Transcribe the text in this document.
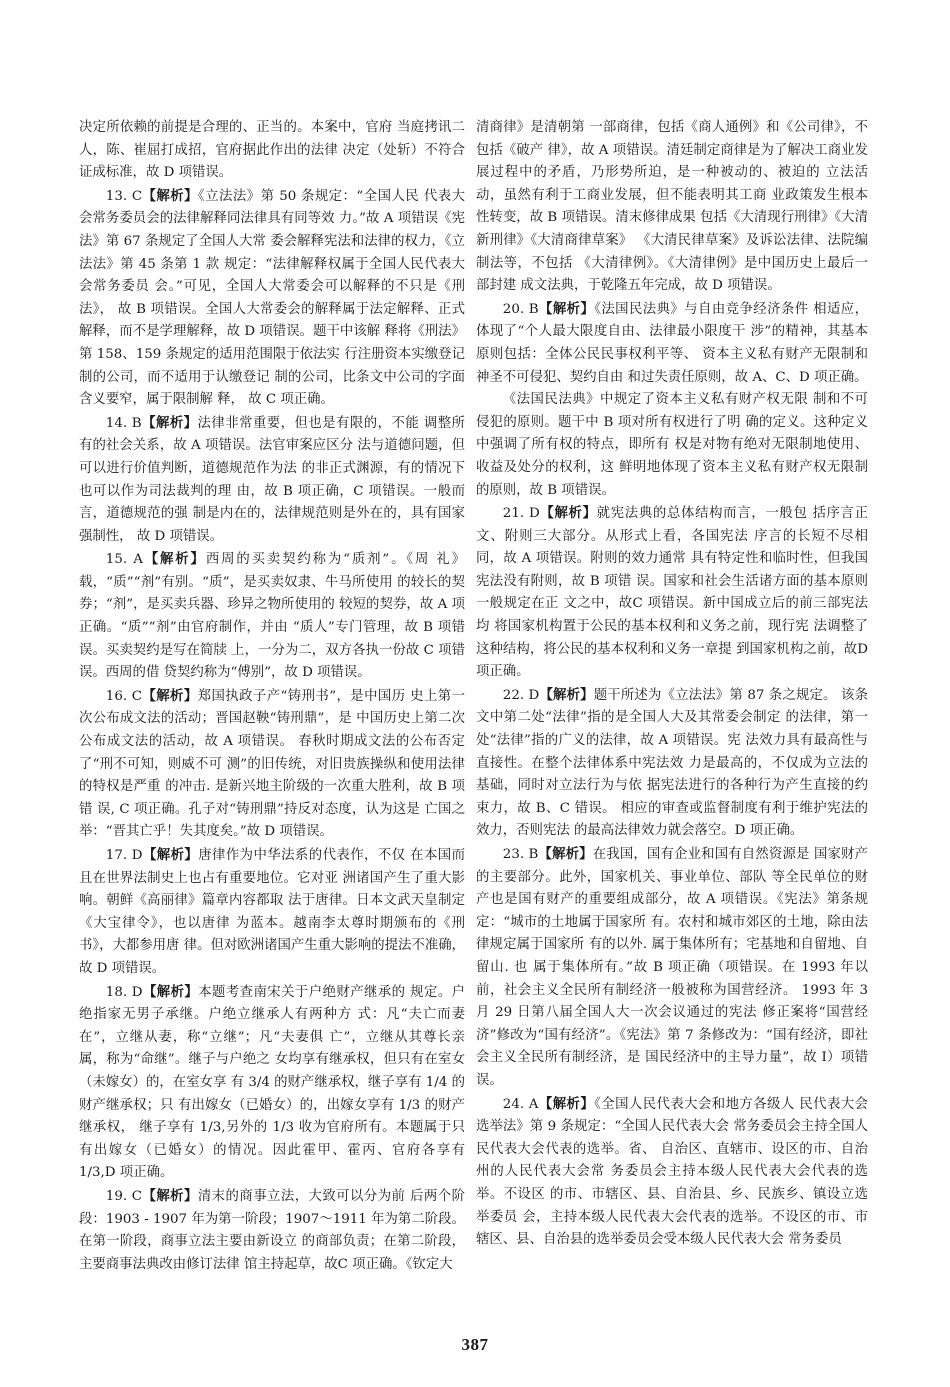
决定所依赖的前提是合理的、正当的。本案中，官府 当庭拷讯二人，陈、崔屈打成招，官府据此作出的法律 决定（处斩）不符合证成标准，故 D 项错误。

13. C【解析】《立法法》第 50 条规定：“全国人民 代表大会常务委员会的法律解释同法律具有同等效 力。”故 A 项错误《宪法》第 67 条规定了全国人大常 委会解释宪法和法律的权力，《立法法》第 45 条第 1 款 规定：“法律解释权属于全国人民代表大会常务委员 会。”可见，全国人大常委会可以解释的不只是《刑法》， 故 B 项错误。全国人大常委会的解释属于法定解释、正式解释，而不是学理解释，故 D 项错误。题干中该解 释将《刑法》第 158、159 条规定的适用范围限于依法实 行注册资本实缴登记制的公司，而不适用于认缴登记 制的公司，比条文中公司的字面含义要窄，属于限制解 释， 故 C 项正确。

14. B【解析】法律非常重要，但也是有限的，不能 调整所有的社会关系，故 A 项错误。法官审案应区分 法与道德问题，但可以进行价值判断，道德规范作为法 的非正式渊源，有的情况下也可以作为司法裁判的理 由，故 B 项正确，C 项错误。一般而言，道德规范的强 制是内在的，法律规范则是外在的，具有国家强制性， 故 D 项错误。

15. A【解析】西周的买卖契约称为“质剂”。《周 礼》载，“质”“剂”有别。“质”，是买卖奴隶、牛马所使用 的较长的契券；“剂”，是买卖兵器、珍异之物所使用的 较短的契券，故 A 项正确。“质”“剂”由官府制作，并由 “质人”专门管理，故 B 项错误。买卖契约是写在简牍 上，一分为二，双方各执一份故 C 项错误。西周的借 贷契约称为“傅别”，故 D 项错误。

16. C【解析】郑国执政子产“铸刑书”，是中国历 史上第一次公布成文法的活动；晋国赵鞅“铸刑鼎”，是 中国历史上第二次公布成文法的活动，故 A 项错误。 春秋时期成文法的公布否定了“刑不可知，则威不可 测”的旧传统，对旧贵族操纵和使用法律的特权是严重 的冲击. 是新兴地主阶级的一次重大胜利，故 B 项错 误, C 项正确。孔子对“铸刑鼎”持反对态度，认为这是 亡国之举：“晋其亡乎！失其度矣。”故 D 项错误。

17. D【解析】唐律作为中华法系的代表作，不仅 在本国而且在世界法制史上也占有重要地位。它对亚 洲诸国产生了重大影响。朝鲜《高丽律》篇章内容都取 法于唐律。日本文武天皇制定《大宝律令》，也以唐律 为蓝本。越南李太尊时期颁布的《刑书》，大都参用唐 律。但对欧洲诸国产生重大影响的提法不准确，故 D 项错误。

18. D【解析】本题考查南宋关于户绝财产继承的 规定。户绝指家无男子承继。户绝立继承人有两种方 式：凡“夫亡而妻在”，立继从妻，称“立继”；凡“夫妻俱 亡”，立继从其尊长亲属，称为“命继”。继子与户绝之 女均享有继承权，但只有在室女（未嫁女）的，在室女享 有 3/4 的财产继承权，继子享有 1/4 的财产继承权；只 有出嫁女（已婚女）的，出嫁女享有 1/3 的财产继承权， 继子享有 1/3,另外的 1/3 收为官府所有。本题属于只 有出嫁女（已婚女）的情况。因此霍甲、霍丙、官府各享有 1/3,D 项正确。

19. C【解析】清末的商事立法，大致可以分为前 后两个阶段：1903 - 1907 年为第一阶段；1907～1911 年为第二阶段。在第一阶段，商事立法主要由新设立 的商部负责；在第二阶段，主要商事法典改由修订法律 馆主持起草，故C 项正确。《钦定大

清商律》是清朝第 一部商律，包括《商人通例》和《公司律》，不包括《破产 律》，故 A 项错误。清廷制定商律是为了解决工商业发 展过程中的矛盾，乃形势所迫，是一种被动的、被迫的 立法活动，虽然有利于工商业发展，但不能表明其工商 业政策发生根本性转变，故 B 项错误。清末修律成果 包括《大清现行刑律》《大清新刑律》《大清商律草案》 《大清民律草案》及诉讼法律、法院编制法等，不包括 《大清律例》。《大清律例》是中国历史上最后一部封建 成文法典，于乾隆五年完成，故 D 项错误。

20. B【解析】《法国民法典》与自由竞争经济条件 相适应，体现了“个人最大限度自由、法律最小限度干 涉”的精神，其基本原则包括：全体公民民事权利平等、 资本主义私有财产无限制和神圣不可侵犯、契约自由 和过失责任原则，故 A、C、D 项正确。

《法国民法典》中规定了资本主义私有财产权无限 制和不可侵犯的原则。题干中 B 项对所有权进行了明 确的定义。这种定义中强调了所有权的特点，即所有 权是对物有绝对无限制地使用、收益及处分的权利，这 鲜明地体现了资本主义私有财产权无限制的原则，故 B 项错误。

21. D【解析】就宪法典的总体结构而言，一般包 括序言正文、附则三大部分。从形式上看，各国宪法 序言的长短不尽相同，故 A 项错误。附则的效力通常 具有特定性和临时性，但我国宪法没有附则，故 B 项错 误。国家和社会生活诸方面的基本原则一般规定在正 文之中，故C 项错误。新中国成立后的前三部宪法均 将国家机构置于公民的基本权利和义务之前，现行宪 法调整了这种结构，将公民的基本权利和义务一章提 到国家机构之前，故D 项正确。

22. D【解析】题干所述为《立法法》第 87 条之规定。 该条文中第二处“法律”指的是全国人大及其常委会制定 的法律，第一处“法律”指的广义的法律，故 A 项错误。宪 法效力具有最高性与直接性。在整个法律体系中宪法效 力是最高的，不仅成为立法的基础，同时对立法行为与依 据宪法进行的各种行为产生直接的约束力，故 B、C 错误。 相应的审查或监督制度有利于维护宪法的效力，否则宪法 的最高法律效力就会落空。D 项正确。

23. B【解析】在我国，国有企业和国有自然资源是 国家财产的主要部分。此外，国家机关、事业单位、部队 等全民单位的财产也是国有财产的重要组成部分，故 A 项错误。《宪法》第条规定：“城市的土地属于国家所 有。农村和城市郊区的土地，除由法律规定属于国家所 有的以外. 属于集体所有；宅基地和自留地、自留山. 也 属于集体所有。”故 B 项正确（项错误。在 1993 年以 前，社会主义全民所有制经济一般被称为国营经济。 1993 年 3 月 29 日第八届全国人大一次会议通过的宪法 修正案将“国营经济”修改为“国有经济”。《宪法》第 7 条修改为：“国有经济，即社会主义全民所有制经济，是 国民经济中的主导力量”，故 I）项错误。

24. A【解析】《全国人民代表大会和地方各级人 民代表大会选举法》第 9 条规定：“全国人民代表大会 常务委员会主持全国人民代表大会代表的选举。省、 自治区、直辖市、设区的市、自治州的人民代表大会常 务委员会主持本级人民代表大会代表的选举。不设区 的市、市辖区、县、自治县、乡、民族乡、镇设立选举委员 会，主持本级人民代表大会代表的选举。不设区的市、市辖区、县、自治县的选举委员会受本级人民代表大会 常务委员

387
